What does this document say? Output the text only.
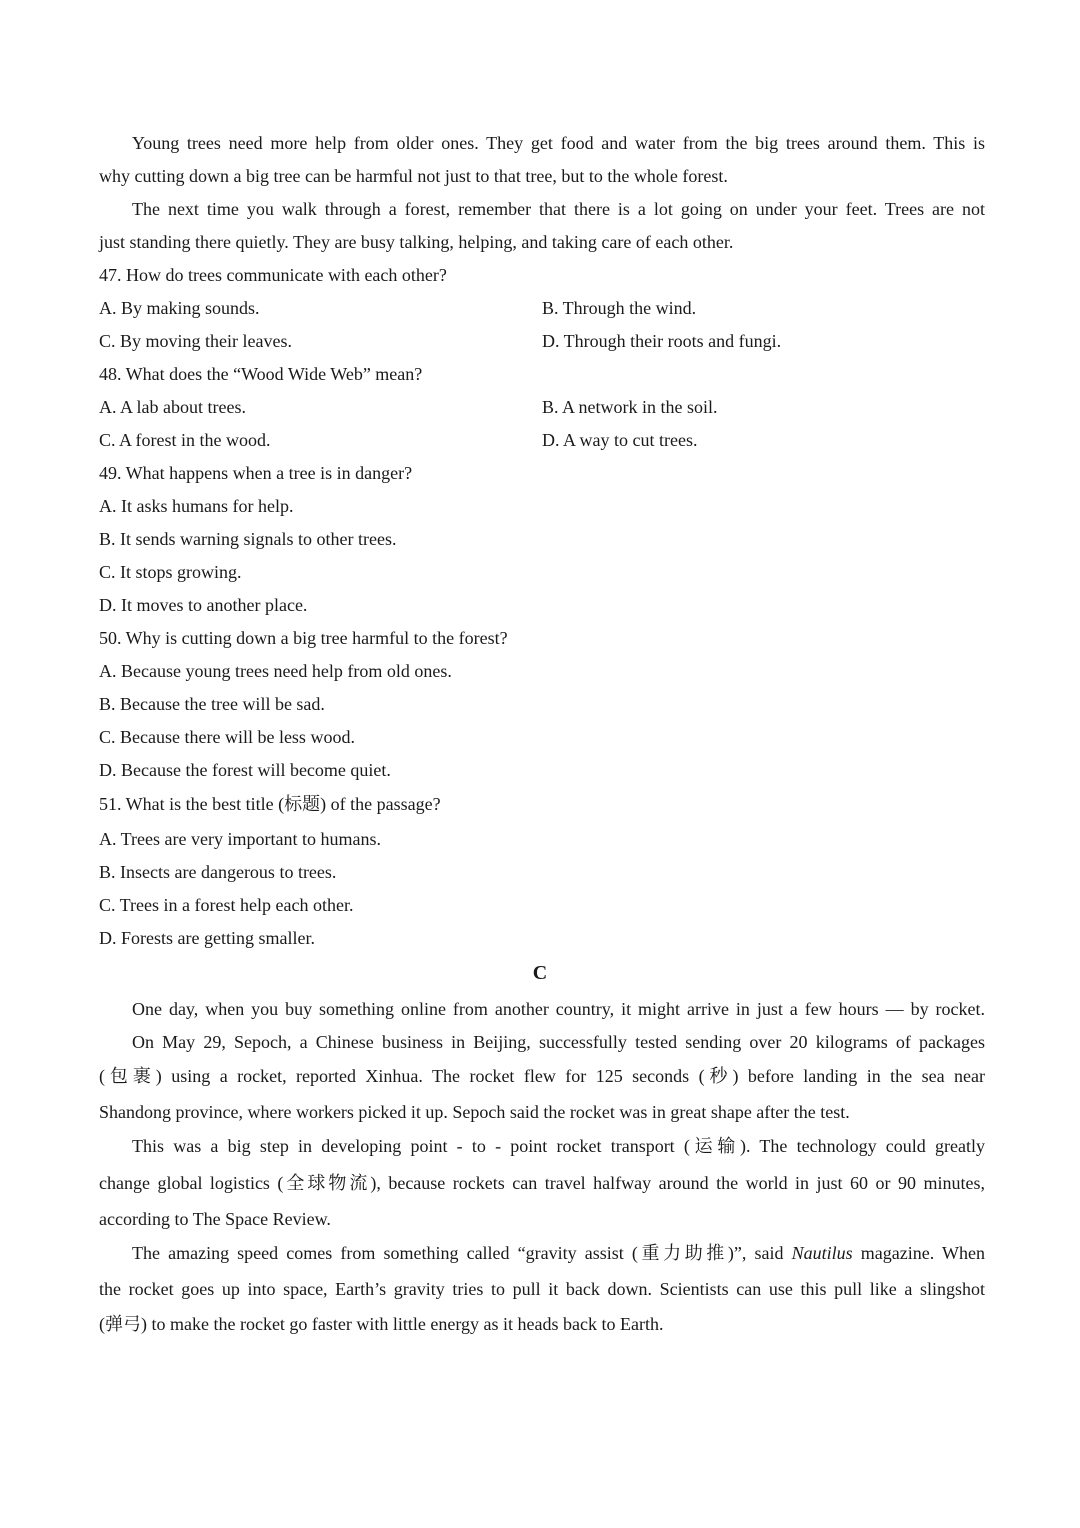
Young trees need more help from older ones. They get food and water from the big trees around them. This is
why cutting down a big tree can be harmful not just to that tree, but to the whole forest.
The next time you walk through a forest, remember that there is a lot going on under your feet. Trees are not
just standing there quietly. They are busy talking, helping, and taking care of each other.
47. How do trees communicate with each other?
A. By making sounds.	B. Through the wind.
C. By moving their leaves.	D. Through their roots and fungi.
48. What does the “Wood Wide Web” mean?
A. A lab about trees.	B. A network in the soil.
C. A forest in the wood.	D. A way to cut trees.
49. What happens when a tree is in danger?
A. It asks humans for help.
B. It sends warning signals to other trees.
C. It stops growing.
D. It moves to another place.
50. Why is cutting down a big tree harmful to the forest?
A. Because young trees need help from old ones.
B. Because the tree will be sad.
C. Because there will be less wood.
D. Because the forest will become quiet.
51. What is the best title (标题) of the passage?
A. Trees are very important to humans.
B. Insects are dangerous to trees.
C. Trees in a forest help each other.
D. Forests are getting smaller.
C
One day, when you buy something online from another country, it might arrive in just a few hours — by rocket.
On May 29, Sepoch, a Chinese business in Beijing, successfully tested sending over 20 kilograms of packages
(包裹) using a rocket, reported Xinhua. The rocket flew for 125 seconds (秒) before landing in the sea near
Shandong province, where workers picked it up. Sepoch said the rocket was in great shape after the test.
This was a big step in developing point - to - point rocket transport (运输). The technology could greatly
change global logistics (全球物流), because rockets can travel halfway around the world in just 60 or 90 minutes,
according to The Space Review.
The amazing speed comes from something called “gravity assist (重力助推)”, said Nautilus magazine. When
the rocket goes up into space, Earth’s gravity tries to pull it back down. Scientists can use this pull like a slingshot
(弹弓) to make the rocket go faster with little energy as it heads back to Earth.
